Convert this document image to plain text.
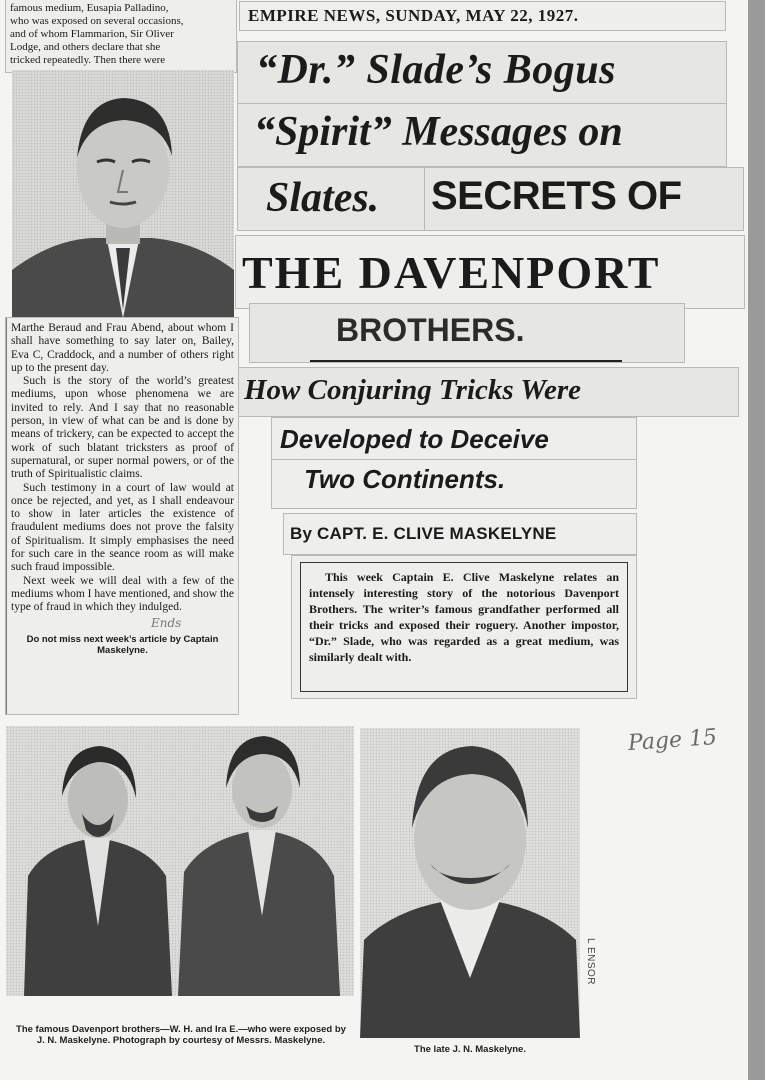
famous medium, Eusapia Palladino,
who was exposed on several occasions,
and of whom Flammarion, Sir Oliver
Lodge, and others declare that she
tricked repeatedly. Then there were
EMPIRE NEWS, SUNDAY, MAY 22, 1927.
“Dr.” Slade’s Bogus
“Spirit” Messages on
Slates.	SECRETS OF
THE DAVENPORT
BROTHERS.
How Conjuring Tricks Were
Developed to Deceive
Two Continents.
By CAPT. E. CLIVE MASKELYNE
This week Captain E. Clive Maskelyne relates an intensely interesting story of the notorious Davenport Brothers. The writer’s famous grandfather performed all their tricks and exposed their roguery. Another impostor, “Dr.” Slade, who was regarded as a great medium, was similarly dealt with.

Marthe Beraud and Frau Abend, about whom I shall have something to say later on, Bailey, Eva C, Craddock, and a number of others right up to the present day.

Such is the story of the world’s greatest mediums, upon whose phenomena we are invited to rely. And I say that no reasonable person, in view of what can be and is done by means of trickery, can be expected to accept the work of such blatant tricksters as proof of supernatural, or super normal powers, or of the truth of Spiritualistic claims.

Such testimony in a court of law would at once be rejected, and yet, as I shall endeavour to show in later articles the existence of fraudulent mediums does not prove the falsity of Spiritualism. It simply emphasises the need for such care in the seance room as will make such fraud impossible.

Next week we will deal with a few of the mediums whom I have mentioned, and show the type of fraud in which they indulged.

Ends
Do not miss next week’s article by Captain Maskelyne.
Page 15
The famous Davenport brothers—W. H. and Ira E.—who were exposed by J. N. Maskelyne. Photograph by courtesy of Messrs. Maskelyne.
The late J. N. Maskelyne.
L ENSOR
